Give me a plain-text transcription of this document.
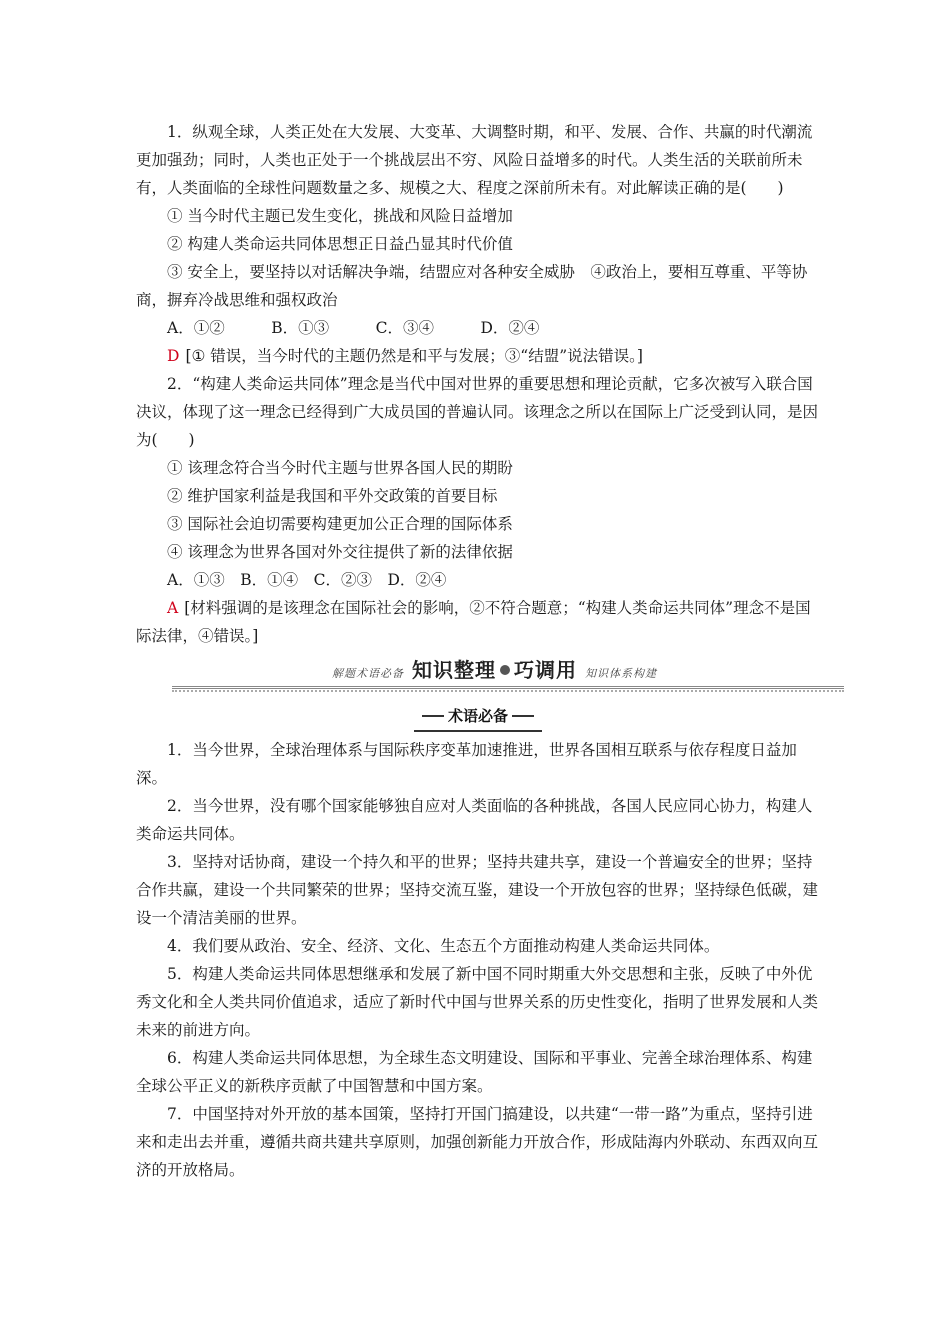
1．纵观全球，人类正处在大发展、大变革、大调整时期，和平、发展、合作、共赢的时代潮流更加强劲；同时，人类也正处于一个挑战层出不穷、风险日益增多的时代。人类生活的关联前所未有，人类面临的全球性问题数量之多、规模之大、程度之深前所未有。对此解读正确的是(　　)

① 当今时代主题已发生变化，挑战和风险日益增加

② 构建人类命运共同体思想正日益凸显其时代价值

③ 安全上，要坚持以对话解决争端，结盟应对各种安全威胁　④政治上，要相互尊重、平等协商，摒弃冷战思维和强权政治

A．①②　　　B．①③　　　C．③④　　　D．②④

D [① 错误，当今时代的主题仍然是和平与发展；③“结盟”说法错误。]

2．“构建人类命运共同体”理念是当代中国对世界的重要思想和理论贡献，它多次被写入联合国决议，体现了这一理念已经得到广大成员国的普遍认同。该理念之所以在国际上广泛受到认同，是因为(　　)

① 该理念符合当今时代主题与世界各国人民的期盼

② 维护国家利益是我国和平外交政策的首要目标

③ 国际社会迫切需要构建更加公正合理的国际体系

④ 该理念为世界各国对外交往提供了新的法律依据

A．①③　B．①④　C．②③　D．②④

A [材料强调的是该理念在国际社会的影响，②不符合题意；“构建人类命运共同体”理念不是国际法律，④错误。]

解题术语必备 知识整理 巧调用 知识体系构建
术语必备

1．当今世界，全球治理体系与国际秩序变革加速推进，世界各国相互联系与依存程度日益加深。

2．当今世界，没有哪个国家能够独自应对人类面临的各种挑战，各国人民应同心协力，构建人类命运共同体。

3．坚持对话协商，建设一个持久和平的世界；坚持共建共享，建设一个普遍安全的世界；坚持合作共赢，建设一个共同繁荣的世界；坚持交流互鉴，建设一个开放包容的世界；坚持绿色低碳，建设一个清洁美丽的世界。

4．我们要从政治、安全、经济、文化、生态五个方面推动构建人类命运共同体。

5．构建人类命运共同体思想继承和发展了新中国不同时期重大外交思想和主张，反映了中外优秀文化和全人类共同价值追求，适应了新时代中国与世界关系的历史性变化，指明了世界发展和人类未来的前进方向。

6．构建人类命运共同体思想，为全球生态文明建设、国际和平事业、完善全球治理体系、构建全球公平正义的新秩序贡献了中国智慧和中国方案。

7．中国坚持对外开放的基本国策，坚持打开国门搞建设，以共建“一带一路”为重点，坚持引进来和走出去并重，遵循共商共建共享原则，加强创新能力开放合作，形成陆海内外联动、东西双向互济的开放格局。
